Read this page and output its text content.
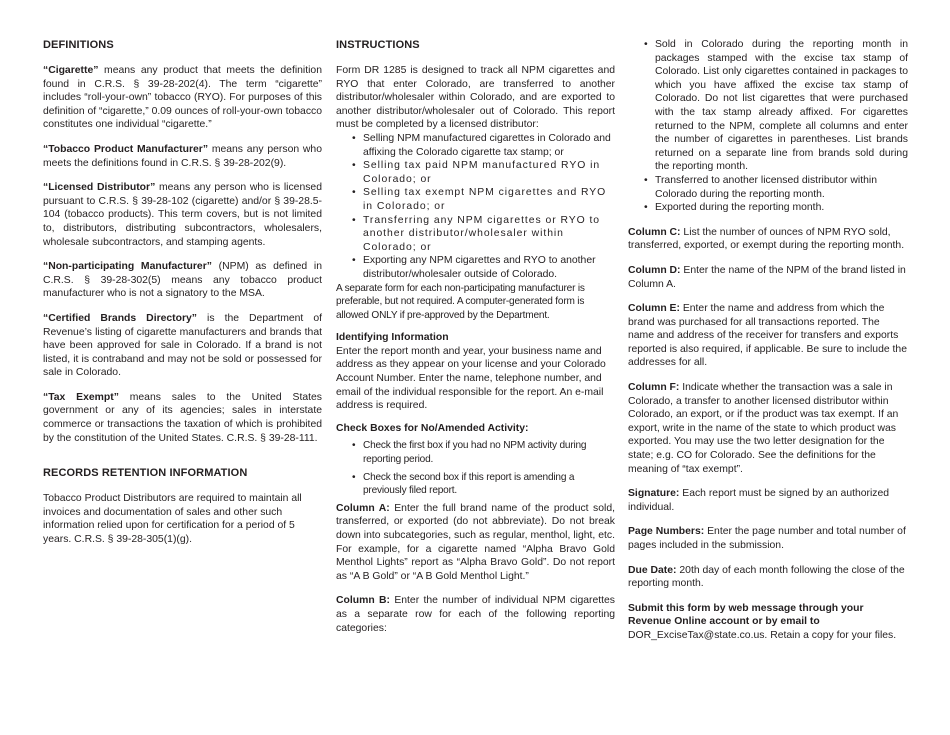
DEFINITIONS

“Cigarette” means any product that meets the definition found in C.R.S. § 39-28-202(4). The term “cigarette” includes “roll-your-own” tobacco (RYO). For purposes of this definition of “cigarette,” 0.09 ounces of roll-your-own tobacco constitutes one individual “cigarette.”

“Tobacco Product Manufacturer” means any person who meets the definitions found in C.R.S. § 39-28-202(9).

“Licensed Distributor” means any person who is licensed pursuant to C.R.S. § 39-28-102 (cigarette) and/or § 39-28.5-104 (tobacco products). This term covers, but is not limited to, distributors, distributing subcontractors, wholesalers, wholesale subcontractors, and stamping agents.

“Non-participating Manufacturer” (NPM) as defined in C.R.S. § 39-28-302(5) means any tobacco product manufacturer who is not a signatory to the MSA.

“Certified Brands Directory” is the Department of Revenue’s listing of cigarette manufacturers and brands that have been approved for sale in Colorado. If a brand is not listed, it is contraband and may not be sold or possessed for sale in Colorado.

“Tax Exempt” means sales to the United States government or any of its agencies; sales in interstate commerce or transactions the taxation of which is prohibited by the constitution of the United States. C.R.S. § 39-28-111.

RECORDS RETENTION INFORMATION

Tobacco Product Distributors are required to maintain all invoices and documentation of sales and other such information relied upon for certification for a period of 5 years. C.R.S. § 39-28-305(1)(g).

INSTRUCTIONS

Form DR 1285 is designed to track all NPM cigarettes and RYO that enter Colorado, are transferred to another distributor/wholesaler within Colorado, and are exported to another distributor/wholesaler out of Colorado. This report must be completed by a licensed distributor:

• Selling NPM manufactured cigarettes in Colorado and affixing the Colorado cigarette tax stamp; or
• Selling tax paid NPM manufactured RYO in Colorado; or
• Selling tax exempt NPM cigarettes and RYO in Colorado; or
• Transferring any NPM cigarettes or RYO to another distributor/wholesaler within Colorado; or
• Exporting any NPM cigarettes and RYO to another distributor/wholesaler outside of Colorado.

A separate form for each non-participating manufacturer is preferable, but not required. A computer-generated form is allowed ONLY if pre-approved by the Department.

Identifying Information

Enter the report month and year, your business name and address as they appear on your license and your Colorado Account Number. Enter the name, telephone number, and email of the individual responsible for the report. An e-mail address is required.

Check Boxes for No/Amended Activity:

• Check the first box if you had no NPM activity during reporting period.
• Check the second box if this report is amending a previously filed report.

Column A: Enter the full brand name of the product sold, transferred, or exported (do not abbreviate). Do not break down into subcategories, such as regular, menthol, light, etc. For example, for a cigarette named “Alpha Bravo Gold Menthol Lights” report as “Alpha Bravo Gold”. Do not report as “A B Gold” or “A B Gold Menthol Light.”

Column B: Enter the number of individual NPM cigarettes as a separate row for each of the following reporting categories:

• Sold in Colorado during the reporting month in packages stamped with the excise tax stamp of Colorado. List only cigarettes contained in packages to which you have affixed the excise tax stamp of Colorado. Do not list cigarettes that were purchased with the tax stamp already affixed. For cigarettes returned to the NPM, complete all columns and enter the number of cigarettes in parentheses. List brands returned on a separate line from brands sold during the reporting month.
• Transferred to another licensed distributor within Colorado during the reporting month.
• Exported during the reporting month.

Column C: List the number of ounces of NPM RYO sold, transferred, exported, or exempt during the reporting month.

Column D: Enter the name of the NPM of the brand listed in Column A.

Column E: Enter the name and address from which the brand was purchased for all transactions reported. The name and address of the receiver for transfers and exports reported is also required, if applicable. Be sure to include the addresses for all.

Column F: Indicate whether the transaction was a sale in Colorado, a transfer to another licensed distributor within Colorado, an export, or if the product was tax exempt. If an export, write in the name of the state to which product was exported. You may use the two letter designation for the state; e.g. CO for Colorado. See the definitions for the meaning of “tax exempt”.

Signature: Each report must be signed by an authorized individual.

Page Numbers: Enter the page number and total number of pages included in the submission.

Due Date: 20th day of each month following the close of the reporting month.

Submit this form by web message through your Revenue Online account or by email to DOR_ExciseTax@state.co.us. Retain a copy for your files.
